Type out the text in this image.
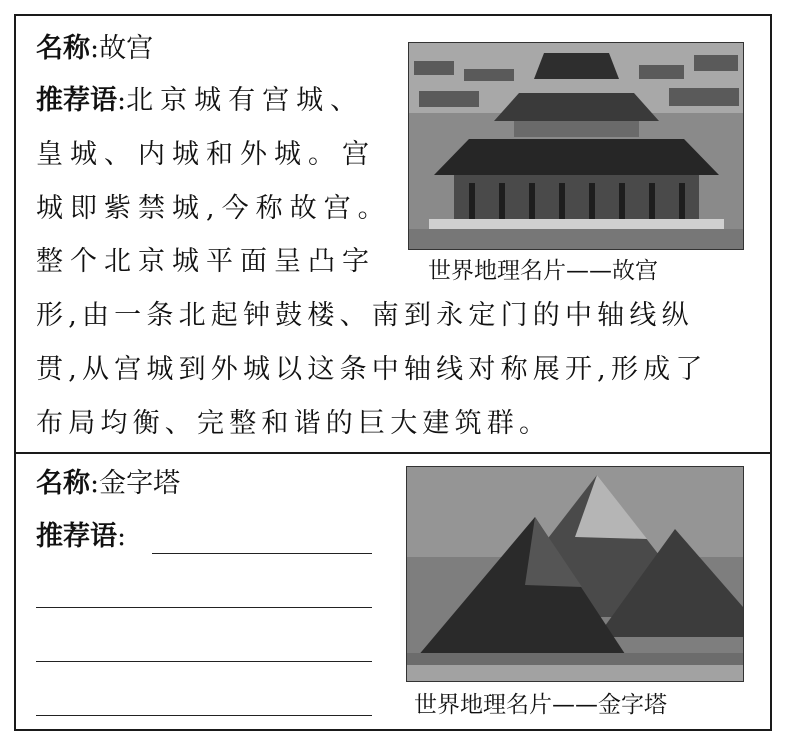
名称:故宫
推荐语:北京城有宫城、
皇城、内城和外城。宫
城即紫禁城,今称故宫。
整个北京城平面呈凸字
形,由一条北起钟鼓楼、南到永定门的中轴线纵
贯,从宫城到外城以这条中轴线对称展开,形成了
布局均衡、完整和谐的巨大建筑群。
世界地理名片——故宫
名称:金字塔
推荐语:
世界地理名片——金字塔
